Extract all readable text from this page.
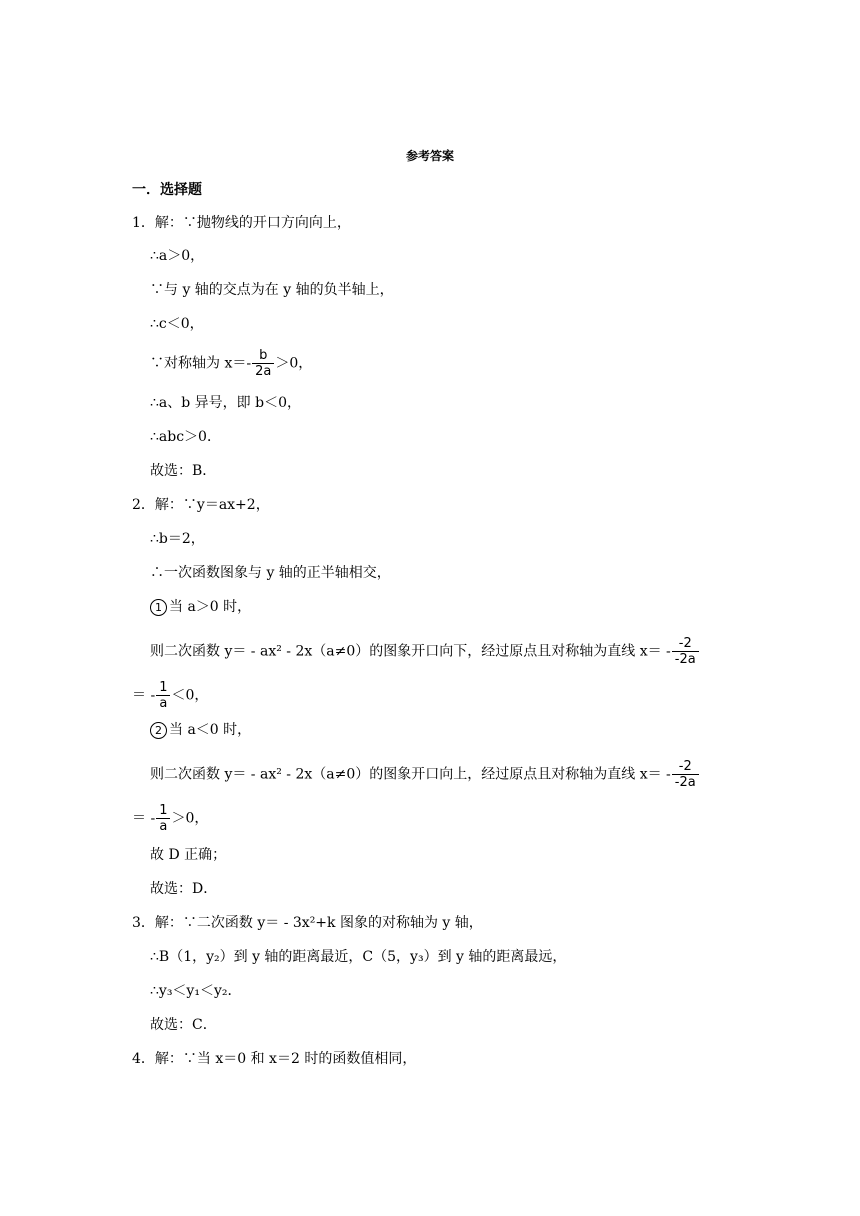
参考答案
一．选择题
1．解：∵抛物线的开口方向向上，
∴a＞0，
∵与 y 轴的交点为在 y 轴的负半轴上，
∴c＜0，
∵对称轴为 $x=- \frac{b}{2a} >0$，
∴a、b 异号，即 b＜0，
∴abc＞0．
故选：B．
2．解：∵y＝ax+2，
∴b＝2，
∴一次函数图象与 y 轴的正半轴相交，
1 当 a＞0 时，
则二次函数 y＝ - ax² - 2x（a≠0）的图象开口向下，经过原点且对称轴为直线 $x= - \frac{-2}{-2a}$
＝ - $\frac{1}{a} <0$，
2 当 a＜0 时，
则二次函数 y＝ - ax² - 2x（a≠0）的图象开口向上，经过原点且对称轴为直线 $x= - \frac{-2}{-2a}$
＝ - $\frac{1}{a} >0$，
故 D 正确；
故选：D．
3．解：∵二次函数 y＝ - 3x²+k 图象的对称轴为 y 轴，
∴B（1，y₂）到 y 轴的距离最近，C（5，y₃）到 y 轴的距离最远，
∴y₃＜y₁＜y₂．
故选：C．
4．解：∵当 x＝0 和 x＝2 时的函数值相同，
